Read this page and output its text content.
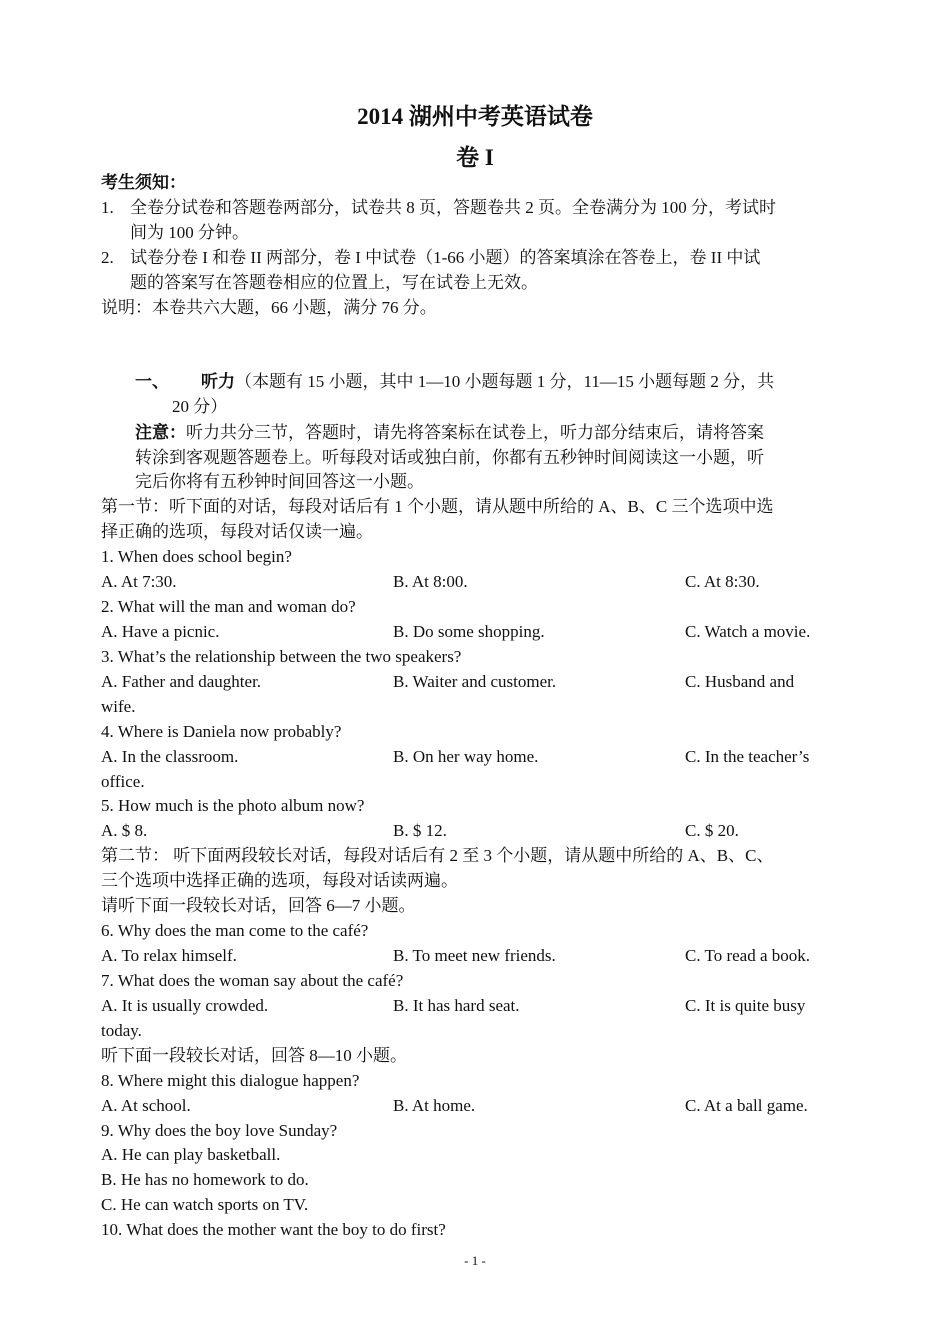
2014 湖州中考英语试卷
卷 I
考生须知：
1. 全卷分试卷和答题卷两部分，试卷共 8 页，答题卷共 2 页。全卷满分为 100 分，考试时
间为 100 分钟。
2. 试卷分卷 I 和卷 II 两部分，卷 I 中试卷（1-66 小题）的答案填涂在答卷上，卷 II 中试
题的答案写在答题卷相应的位置上，写在试卷上无效。
说明：本卷共六大题，66 小题，满分 76 分。
一、 听力（本题有 15 小题，其中 1—10 小题每题 1 分，11—15 小题每题 2 分，共
20 分）
注意：听力共分三节，答题时，请先将答案标在试卷上，听力部分结束后，请将答案
转涂到客观题答题卷上。听每段对话或独白前，你都有五秒钟时间阅读这一小题，听
完后你将有五秒钟时间回答这一小题。
第一节：听下面的对话，每段对话后有 1 个小题，请从题中所给的 A、B、C 三个选项中选
择正确的选项，每段对话仅读一遍。
1. When does school begin?
A. At 7:30.	B. At 8:00.	C. At 8:30.
2. What will the man and woman do?
A. Have a picnic.	B. Do some shopping.	C. Watch a movie.
3. What’s the relationship between the two speakers?
A. Father and daughter.	B. Waiter and customer.	C. Husband and
wife.
4. Where is Daniela now probably?
A. In the classroom.	B. On her way home.	C. In the teacher’s
office.
5. How much is the photo album now?
A. $ 8.	B. $ 12.	C. $ 20.
第二节： 听下面两段较长对话，每段对话后有 2 至 3 个小题，请从题中所给的 A、B、C、
三个选项中选择正确的选项，每段对话读两遍。
请听下面一段较长对话，回答 6—7 小题。
6. Why does the man come to the café?
A. To relax himself.	B. To meet new friends.	C. To read a book.
7. What does the woman say about the café?
A. It is usually crowded.	B. It has hard seat.	C. It is quite busy
today.
听下面一段较长对话，回答 8—10 小题。
8. Where might this dialogue happen?
A. At school.	B. At home.	C. At a ball game.
9. Why does the boy love Sunday?
A. He can play basketball.
B. He has no homework to do.
C. He can watch sports on TV.
10. What does the mother want the boy to do first?
- 1 -
